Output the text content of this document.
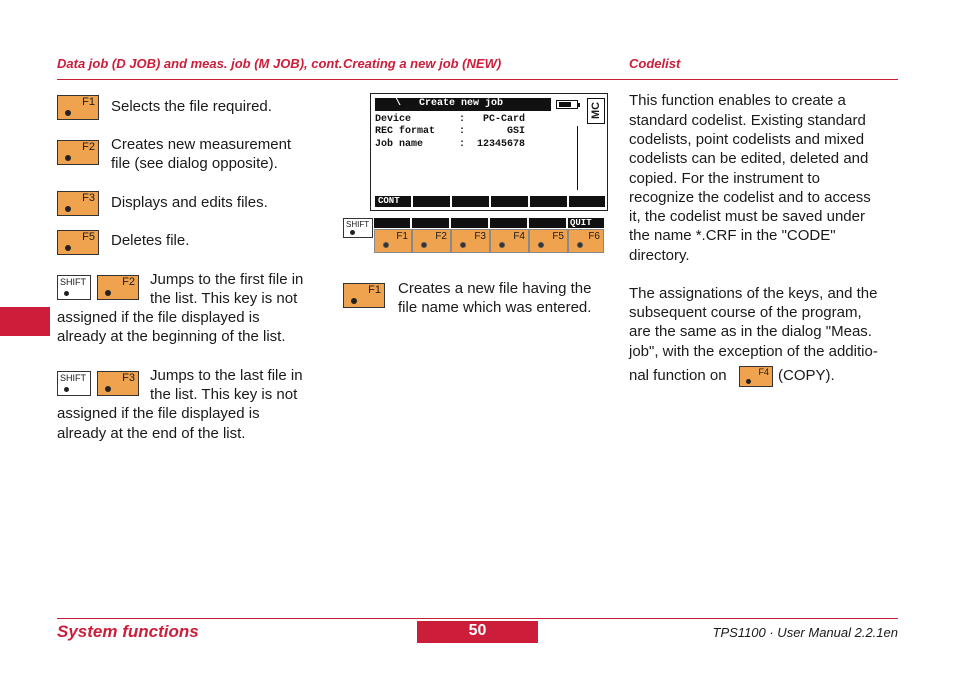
Data job (D JOB) and meas. job (M JOB), cont. Creating a new job (NEW)	Codelist
F1 Selects the file required.
F2 Creates new measurement
file (see dialog opposite).
F3 Displays and edits files.
F5 Deletes file.
SHIFT	F2 Jumps to the first file in
the list. This key is not
assigned if the file displayed is
already at the beginning of the list.
SHIFT	F3 Jumps to the last file in
the list. This key is not
assigned if the file displayed is
already at the end of the list.
\   Create new job	MC
Device        :   PC-Card
REC format    :       GSI
Job name      :  12345678
CONT
SHIFT	QUIT
F1	F2	F3	F4	F5 F6
F1 Creates a new file having the
file name which was entered.
This function enables to create a
standard codelist. Existing standard
codelists, point codelists and mixed
codelists can be edited, deleted and
copied. For the instrument to
recognize the codelist and to access
it, the codelist must be saved under
the name *.CRF in the "CODE"
directory.
The assignations of the keys, and the
subsequent course of the program,
are the same as in the dialog "Meas.
job", with the exception of the additio-
nal function on	F4 (COPY).
System functions	50	TPS1100 · User Manual 2.2.1en
